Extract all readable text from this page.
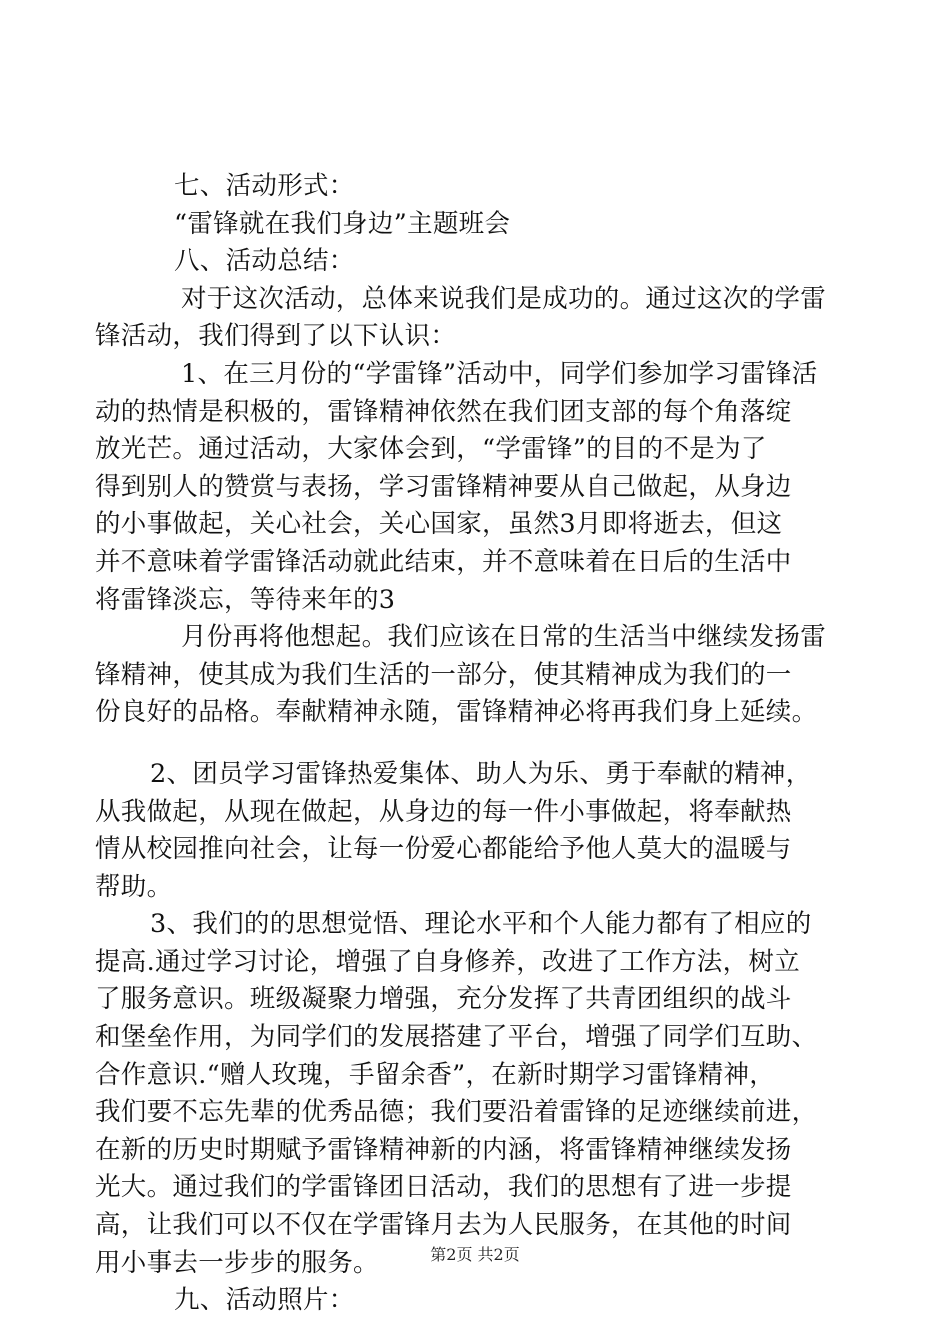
七、活动形式：
“雷锋就在我们身边”主题班会
八、活动总结：
对于这次活动，总体来说我们是成功的。通过这次的学雷
锋活动，我们得到了以下认识：
1、在三月份的“学雷锋”活动中，同学们参加学习雷锋活
动的热情是积极的，雷锋精神依然在我们团支部的每个角落绽
放光芒。通过活动，大家体会到，“学雷锋”的目的不是为了
得到别人的赞赏与表扬，学习雷锋精神要从自己做起，从身边
的小事做起，关心社会，关心国家，虽然3月即将逝去，但这
并不意味着学雷锋活动就此结束，并不意味着在日后的生活中
将雷锋淡忘，等待来年的3
月份再将他想起。我们应该在日常的生活当中继续发扬雷
锋精神，使其成为我们生活的一部分，使其精神成为我们的一
份良好的品格。奉献精神永随，雷锋精神必将再我们身上延续。
2、团员学习雷锋热爱集体、助人为乐、勇于奉献的精神，
从我做起，从现在做起，从身边的每一件小事做起，将奉献热
情从校园推向社会，让每一份爱心都能给予他人莫大的温暖与
帮助。
3、我们的的思想觉悟、理论水平和个人能力都有了相应的
提高.通过学习讨论，增强了自身修养，改进了工作方法，树立
了服务意识。班级凝聚力增强，充分发挥了共青团组织的战斗
和堡垒作用，为同学们的发展搭建了平台，增强了同学们互助、
合作意识.“赠人玫瑰，手留余香”，在新时期学习雷锋精神，
我们要不忘先辈的优秀品德；我们要沿着雷锋的足迹继续前进，
在新的历史时期赋予雷锋精神新的内涵，将雷锋精神继续发扬
光大。通过我们的学雷锋团日活动，我们的思想有了进一步提
高，让我们可以不仅在学雷锋月去为人民服务，在其他的时间
用小事去一步步的服务。
九、活动照片：
第2页 共2页
